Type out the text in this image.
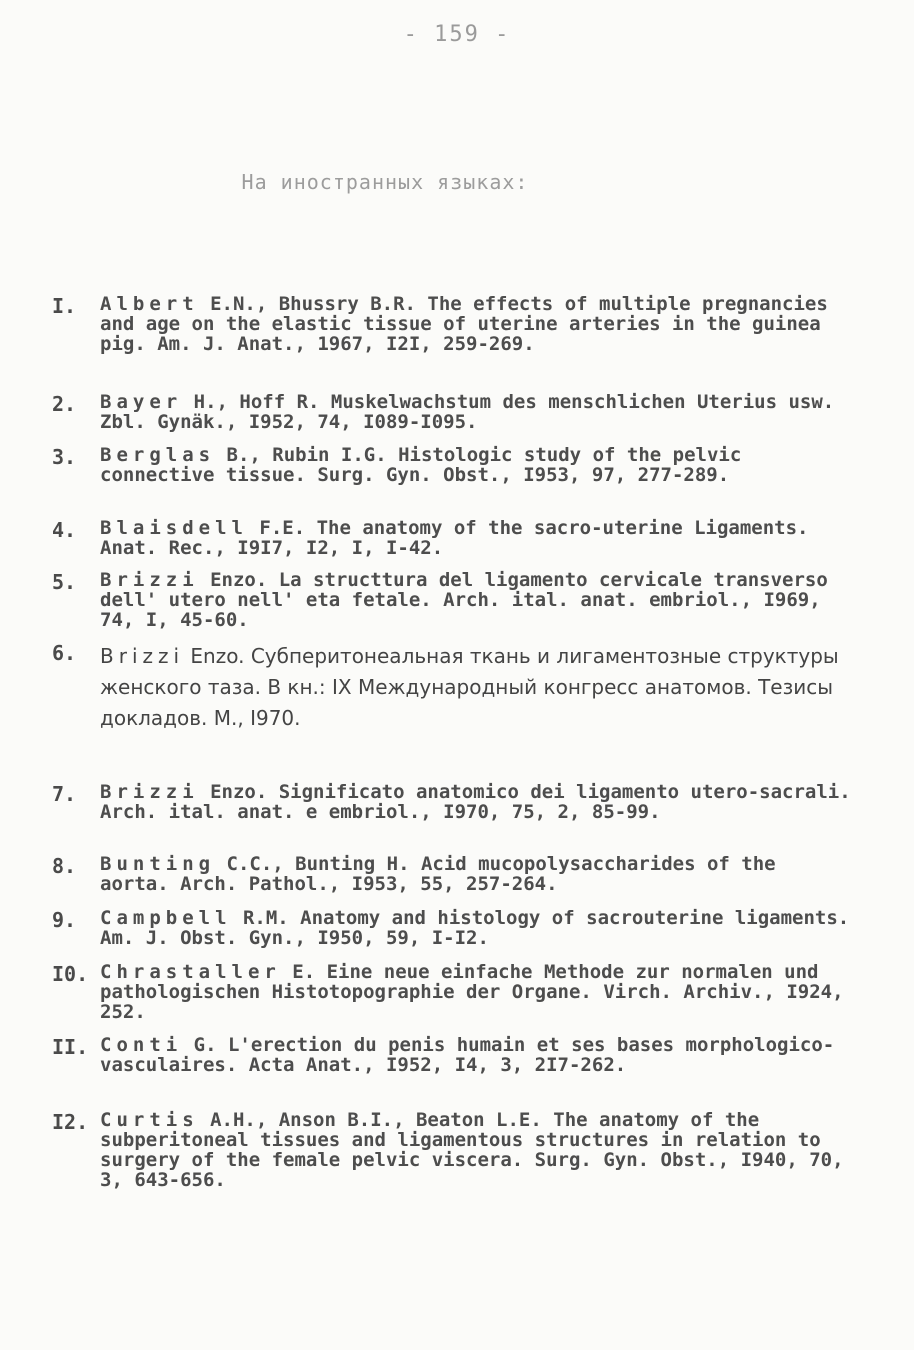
- 159 -
На иностранных языках:
I.	Albert E.N., Bhussry B.R. The effects of multiple pregnancies and age on the elastic tissue of uterine arteries in the guinea pig. Am. J. Anat., 1967, I2I, 259-269.
2.	Bayer H., Hoff R. Muskelwachstum des menschlichen Uterius usw. Zbl. Gynäk., I952, 74, I089-I095.
3.	Berglas B., Rubin I.G. Histologic study of the pelvic connective tissue. Surg. Gyn. Obst., I953, 97, 277-289.
4.	Blaisdell F.E. The anatomy of the sacro-uterine Ligaments. Anat. Rec., I9I7, I2, I, I-42.
5.	Brizzi Enzo. La structtura del ligamento cervicale transverso dell' utero nell' eta fetale. Arch. ital. anat. embriol., I969, 74, I, 45-60.
6.	Brizzi Enzo. Субперитонеальная ткань и лигаментозные структуры женского таза. В кн.: IX Международный конгресс анатомов. Тезисы докладов. М., I970.
7.	Brizzi Enzo. Significato anatomico dei ligamento utero-sacrali. Arch. ital. anat. e embriol., I970, 75, 2, 85-99.
8.	Bunting C.C., Bunting H. Acid mucopolysaccharides of the aorta. Arch. Pathol., I953, 55, 257-264.
9.	Campbell R.M. Anatomy and histology of sacrouterine ligaments. Am. J. Obst. Gyn., I950, 59, I-I2.
I0. Chrastaller E. Eine neue einfache Methode zur normalen und pathologischen Histotopographie der Organe. Virch. Archiv., I924, 252.
II. Conti G. L'erection du penis humain et ses bases morphologico-vasculaires. Acta Anat., I952, I4, 3, 2I7-262.
I2. Curtis A.H., Anson B.I., Beaton L.E. The anatomy of the subperitoneal tissues and ligamentous structures in relation to surgery of the female pelvic viscera. Surg. Gyn. Obst., I940, 70, 3, 643-656.
